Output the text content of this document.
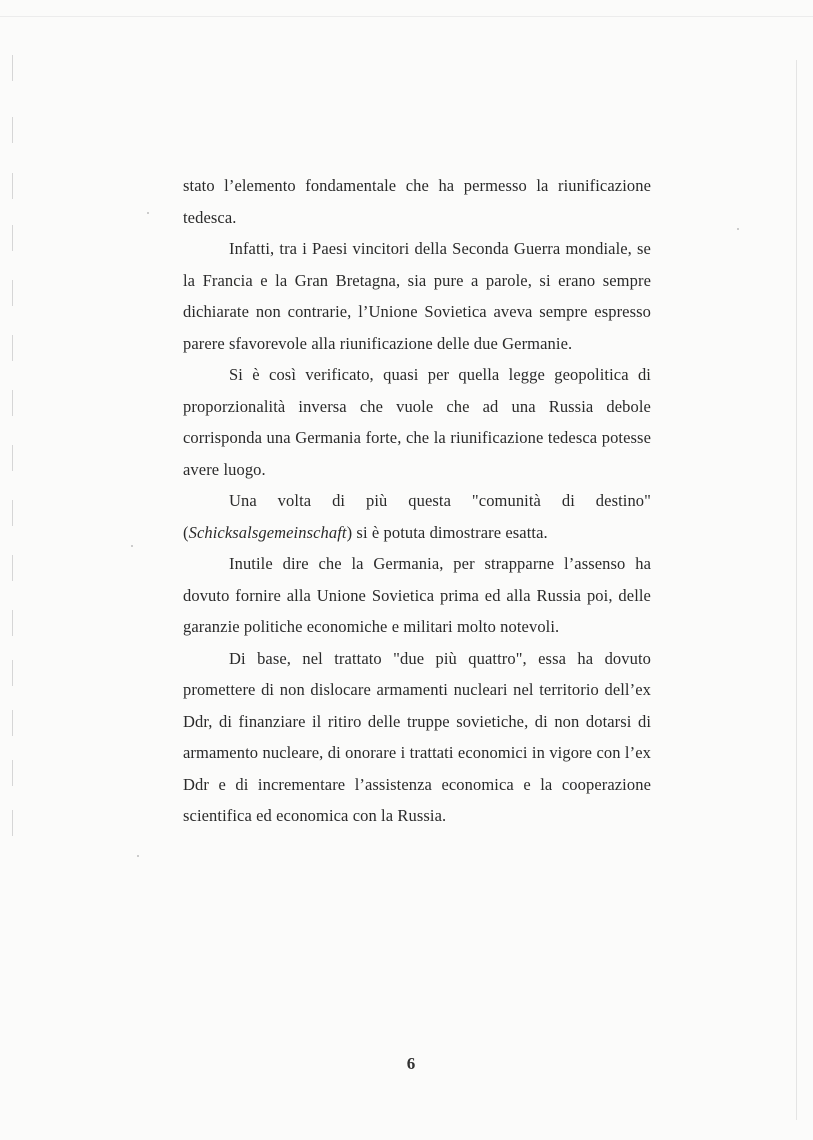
stato l’elemento fondamentale che ha permesso la riunificazione tedesca.

Infatti, tra i Paesi vincitori della Seconda Guerra mondiale, se la Francia e la Gran Bretagna, sia pure a parole, si erano sempre dichiarate non contrarie, l’Unione Sovietica aveva sempre espresso parere sfavorevole alla riunificazione delle due Germanie.

Si è così verificato, quasi per quella legge geopolitica di proporzionalità inversa che vuole che ad una Russia debole corrisponda una Germania forte, che la riunificazione tedesca potesse avere luogo.

Una volta di più questa "comunità di destino" (Schicksalsgemeinschaft) si è potuta dimostrare esatta.

Inutile dire che la Germania, per strapparne l’assenso ha dovuto fornire alla Unione Sovietica prima ed alla Russia poi, delle garanzie politiche economiche e militari molto notevoli.

Di base, nel trattato "due più quattro", essa ha dovuto promettere di non dislocare armamenti nucleari nel territorio dell’ex Ddr, di finanziare il ritiro delle truppe sovietiche, di non dotarsi di armamento nucleare, di onorare i trattati economici in vigore con l’ex Ddr e di incrementare l’assistenza economica e la cooperazione scientifica ed economica con la Russia.

6
